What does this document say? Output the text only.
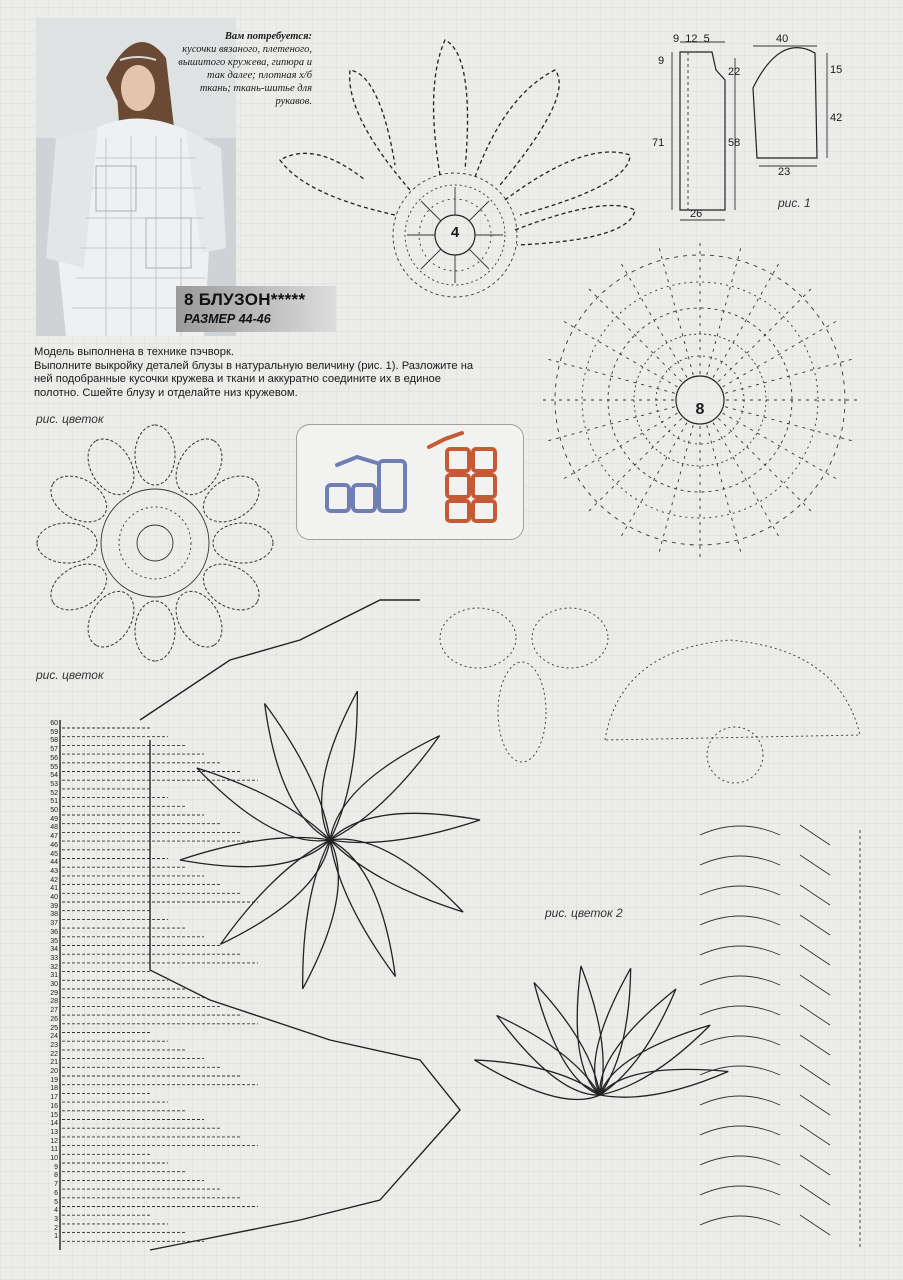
Вам потребуется:
кусочки вязаного, плетеного, вышитого кружева, гипюра и так далее; плотная х/б ткань; ткань-шитье для рукавов.
8 БЛУЗОН*****
РАЗМЕР 44-46
Модель выполнена в технике пэчворк.
Выполните выкройку деталей блузы в натуральную величину (рис. 1). Разложите на ней подобранные кусочки кружева и ткани и аккуратно соедините их в единое полотно. Сшейте блузу и отделайте низ кружевом.
4
8
9 12 5
9
71
22
58
26
40
15
42
23
рис. 1
рис. цветок
рис. цветок
рис. цветок 2
60
59
58
57
56
55
54
53
52
51
50
49
48
47
46
45
44
43
42
41
40
39
38
37
36
35
34
33
32
31
30
29
28
27
26
25
24
23
22
21
20
19
18
17
16
15
14
13
12
11
10
9
8
7
6
5
4
3
2
1
